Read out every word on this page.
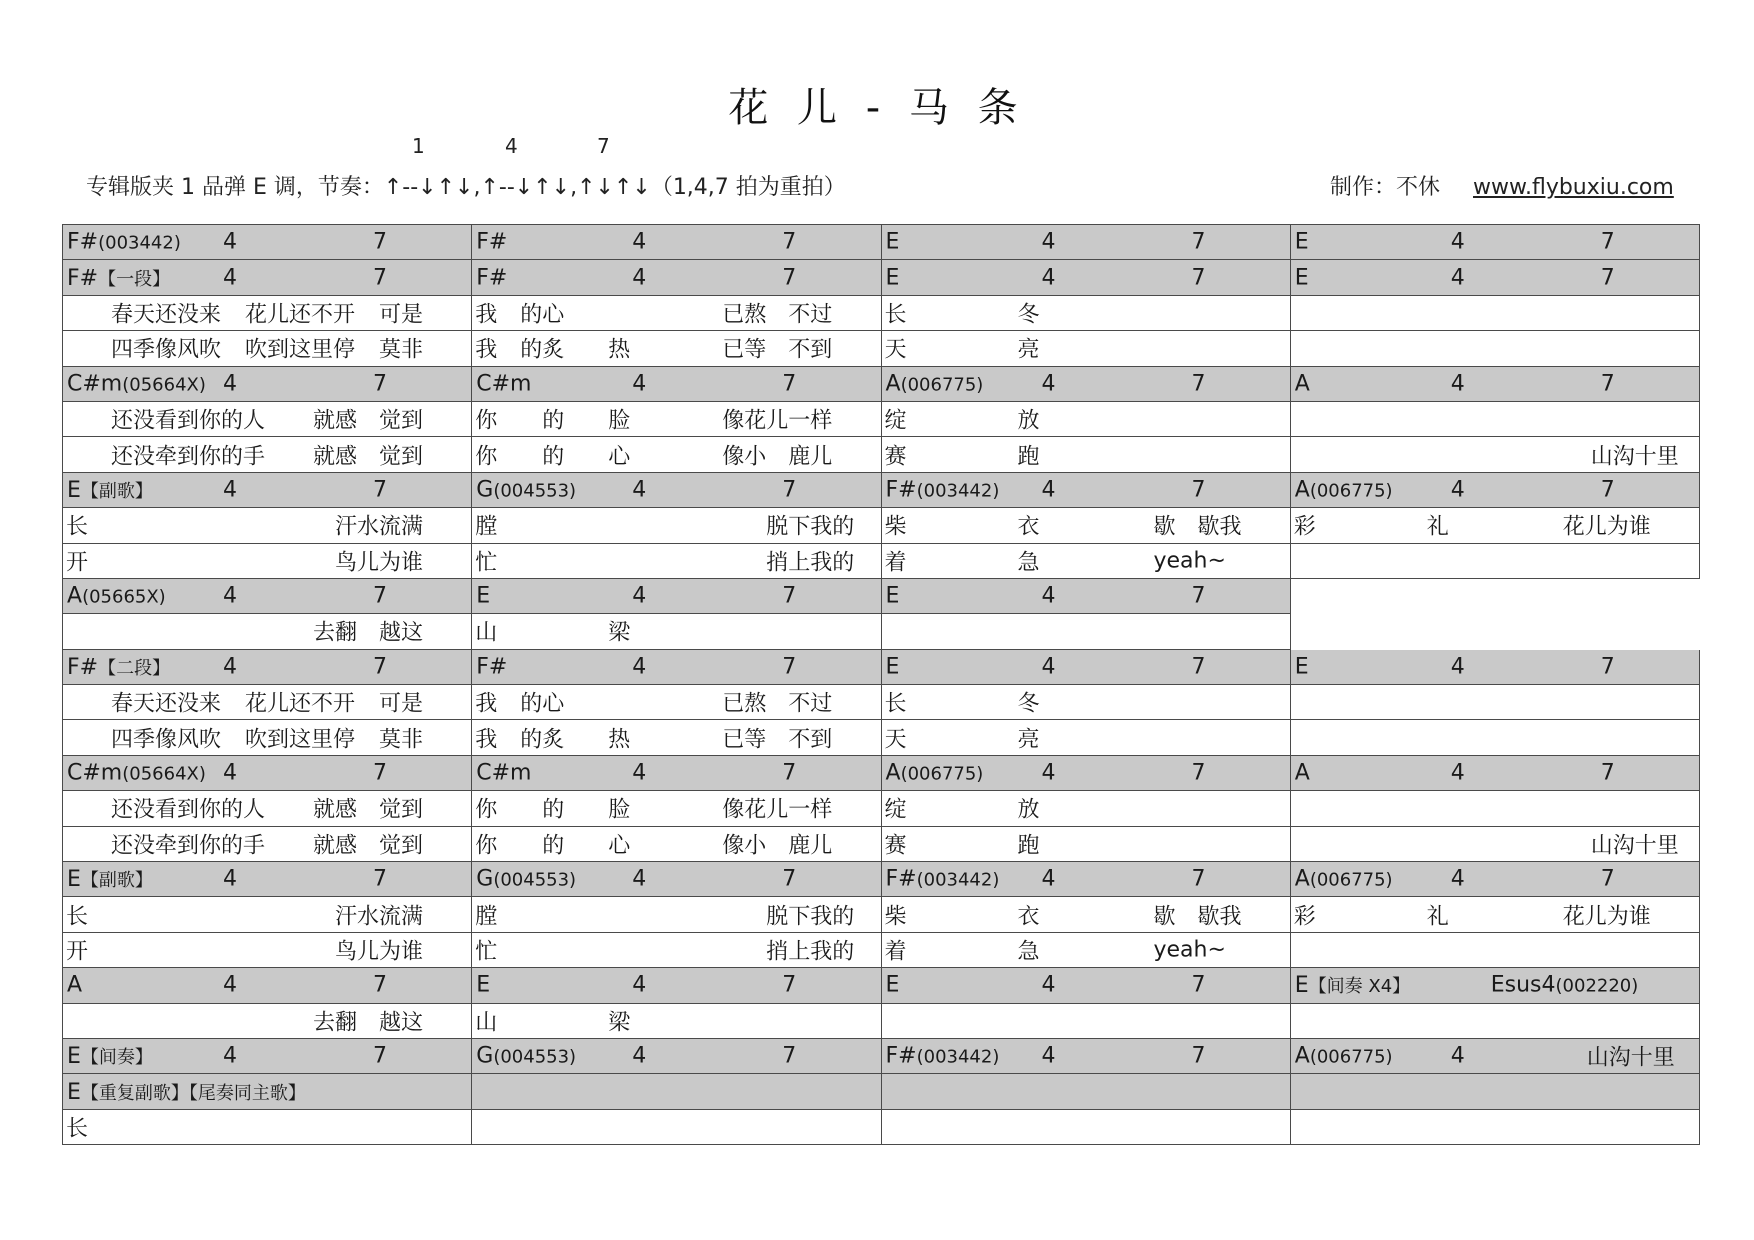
花 儿 - 马 条
1	4	7
专辑版夹 1 品弹 E 调，节奏：↑--↓↑↓,↑--↓↑↓,↑↓↑↓（1,4,7 拍为重拍）	制作：不休 www.flybuxiu.com
F#(003442) 4 7	F# 4 7	E 4 7	E 4 7

F#【一段】 4 7	F# 4 7	E 4 7	E 4 7

春天还没来 花儿还不开 可是	我 的心 已熬 不过	长 冬	

四季像风吹 吹到这里停 莫非	我 的炙 热 已等 不到	天 亮	

C#m(05664X) 4 7	C#m 4 7	A(006775) 4 7	A 4 7

还没看到你的人 就感 觉到	你 的 脸 像花儿一样	绽 放	

还没牵到你的手 就感 觉到	你 的 心 像小 鹿儿	赛 跑	山沟十里

E【副歌】 4 7	G(004553) 4 7	F#(003442) 4 7	A(006775) 4 7

长 汗水流满	膛 脱下我的	柴 衣 歇 歇我	彩 礼 花儿为谁

开 鸟儿为谁	忙 捎上我的	着 急 yeah~	

A(05665X) 4 7	E 4 7	E 4 7	

去翻 越这	山 梁		

F#【二段】 4 7	F# 4 7	E 4 7	E 4 7

春天还没来 花儿还不开 可是	我 的心 已熬 不过	长 冬	

四季像风吹 吹到这里停 莫非	我 的炙 热 已等 不到	天 亮	

C#m(05664X) 4 7	C#m 4 7	A(006775) 4 7	A 4 7

还没看到你的人 就感 觉到	你 的 脸 像花儿一样	绽 放	

还没牵到你的手 就感 觉到	你 的 心 像小 鹿儿	赛 跑	山沟十里

E【副歌】 4 7	G(004553) 4 7	F#(003442) 4 7	A(006775) 4 7

长 汗水流满	膛 脱下我的	柴 衣 歇 歇我	彩 礼 花儿为谁

开 鸟儿为谁	忙 捎上我的	着 急 yeah~	

A 4 7	E 4 7	E 4 7	E【间奏 X4】 Esus4(002220)

去翻 越这	山 梁		

E【间奏】 4 7	G(004553) 4 7	F#(003442) 4 7	A(006775) 4 山沟十里

E【重复副歌】【尾奏同主歌】			

长			
